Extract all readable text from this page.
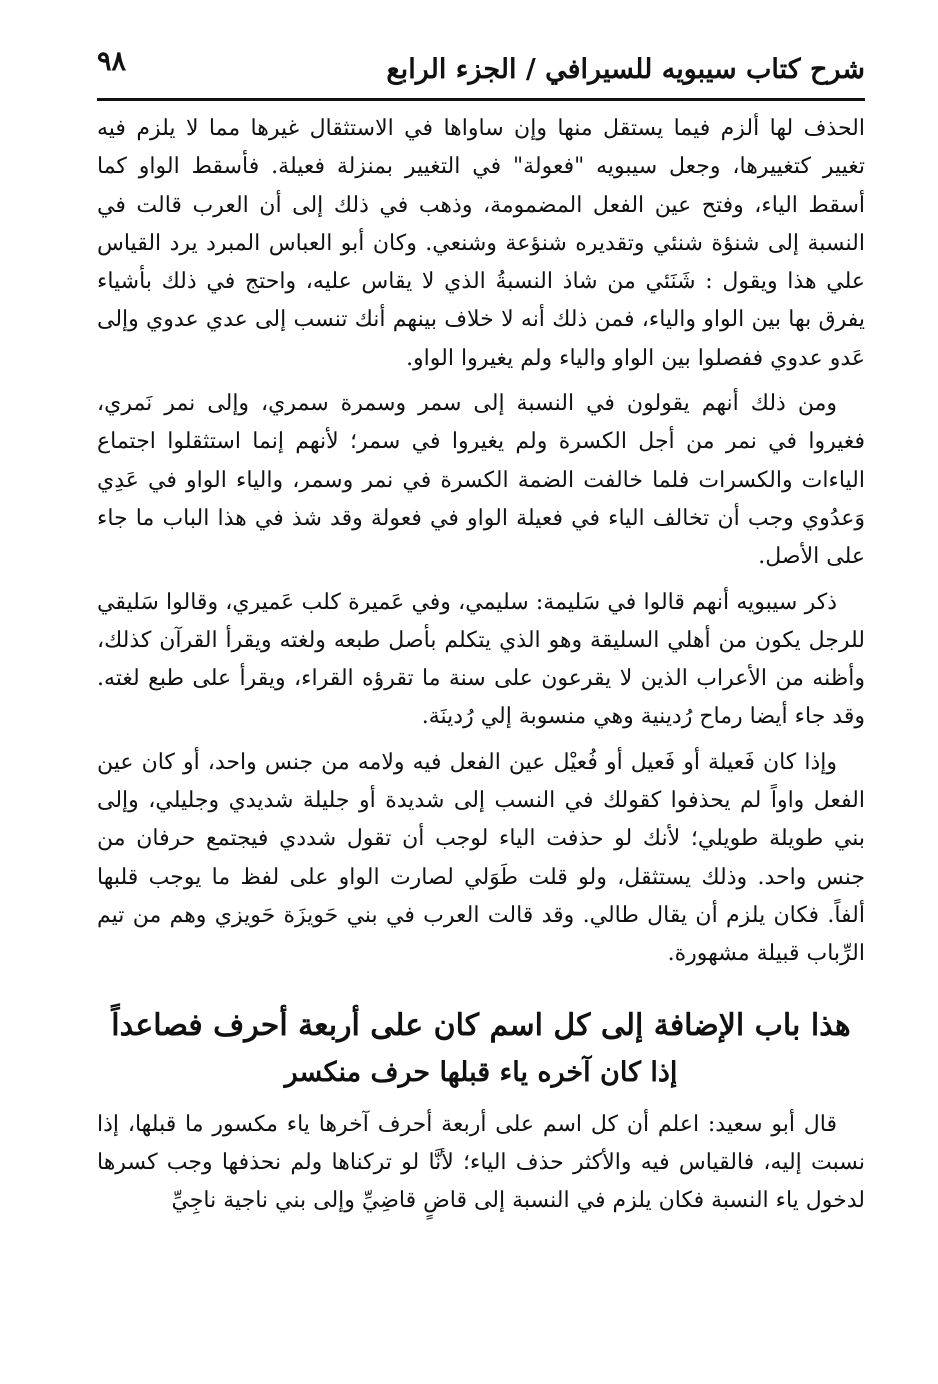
٩٨	شرح كتاب سيبويه للسيرافي / الجزء الرابع

الحذف لها ألزم فيما يستقل منها وإن ساواها في الاستثقال غيرها مما لا يلزم فيه تغيير كتغييرها، وجعل سيبويه "فعولة" في التغيير بمنزلة فعيلة. فأسقط الواو كما أسقط الياء، وفتح عين الفعل المضمومة، وذهب في ذلك إلى أن العرب قالت في النسبة إلى شنؤة شنئي وتقديره شنؤعة وشنعي. وكان أبو العباس المبرد يرد القياس علي هذا ويقول : شَنَئي من شاذ النسبةُ الذي لا يقاس عليه، واحتج في ذلك بأشياء يفرق بها بين الواو والياء، فمن ذلك أنه لا خلاف بينهم أنك تنسب إلى عدي عدوي وإلى عَدو عدوي ففصلوا بين الواو والياء ولم يغيروا الواو.

ومن ذلك أنهم يقولون في النسبة إلى سمر وسمرة سمري، وإلى نمر نَمري، فغيروا في نمر من أجل الكسرة ولم يغيروا في سمر؛ لأنهم إنما استثقلوا اجتماع الياءات والكسرات فلما خالفت الضمة الكسرة في نمر وسمر، والياء الواو في عَدِي وَعدُوي وجب أن تخالف الياء في فعيلة الواو في فعولة وقد شذ في هذا الباب ما جاء على الأصل.

ذكر سيبويه أنهم قالوا في سَليمة: سليمي، وفي عَميرة كلب عَميري، وقالوا سَليقي للرجل يكون من أهلي السليقة وهو الذي يتكلم بأصل طبعه ولغته ويقرأ القرآن كذلك، وأظنه من الأعراب الذين لا يقرعون على سنة ما تقرؤه القراء، ويقرأ على طبع لغته. وقد جاء أيضا رماح رُدينية وهي منسوبة إلي رُدينَة.

وإذا كان فَعيلة أو فَعيل أو فُعيْل عين الفعل فيه ولامه من جنس واحد، أو كان عين الفعل واواً لم يحذفوا كقولك في النسب إلى شديدة أو جليلة شديدي وجليلي، وإلى بني طويلة طويلي؛ لأنك لو حذفت الياء لوجب أن تقول شددي فيجتمع حرفان من جنس واحد. وذلك يستثقل، ولو قلت طَوَلي لصارت الواو على لفظ ما يوجب قلبها ألفاً. فكان يلزم أن يقال طالي. وقد قالت العرب في بني حَويزَة حَويزي وهم من تيم الرِّباب قبيلة مشهورة.

هذا باب الإضافة إلى كل اسم كان على أربعة أحرف فصاعداً
إذا كان آخره ياء قبلها حرف منكسر

قال أبو سعيد: اعلم أن كل اسم على أربعة أحرف آخرها ياء مكسور ما قبلها، إذا نسبت إليه، فالقياس فيه والأكثر حذف الياء؛ لأنَّا لو تركناها ولم نحذفها وجب كسرها لدخول ياء النسبة فكان يلزم في النسبة إلى قاضٍ قاضِيِّ وإلى بني ناجية ناجِيِّ
